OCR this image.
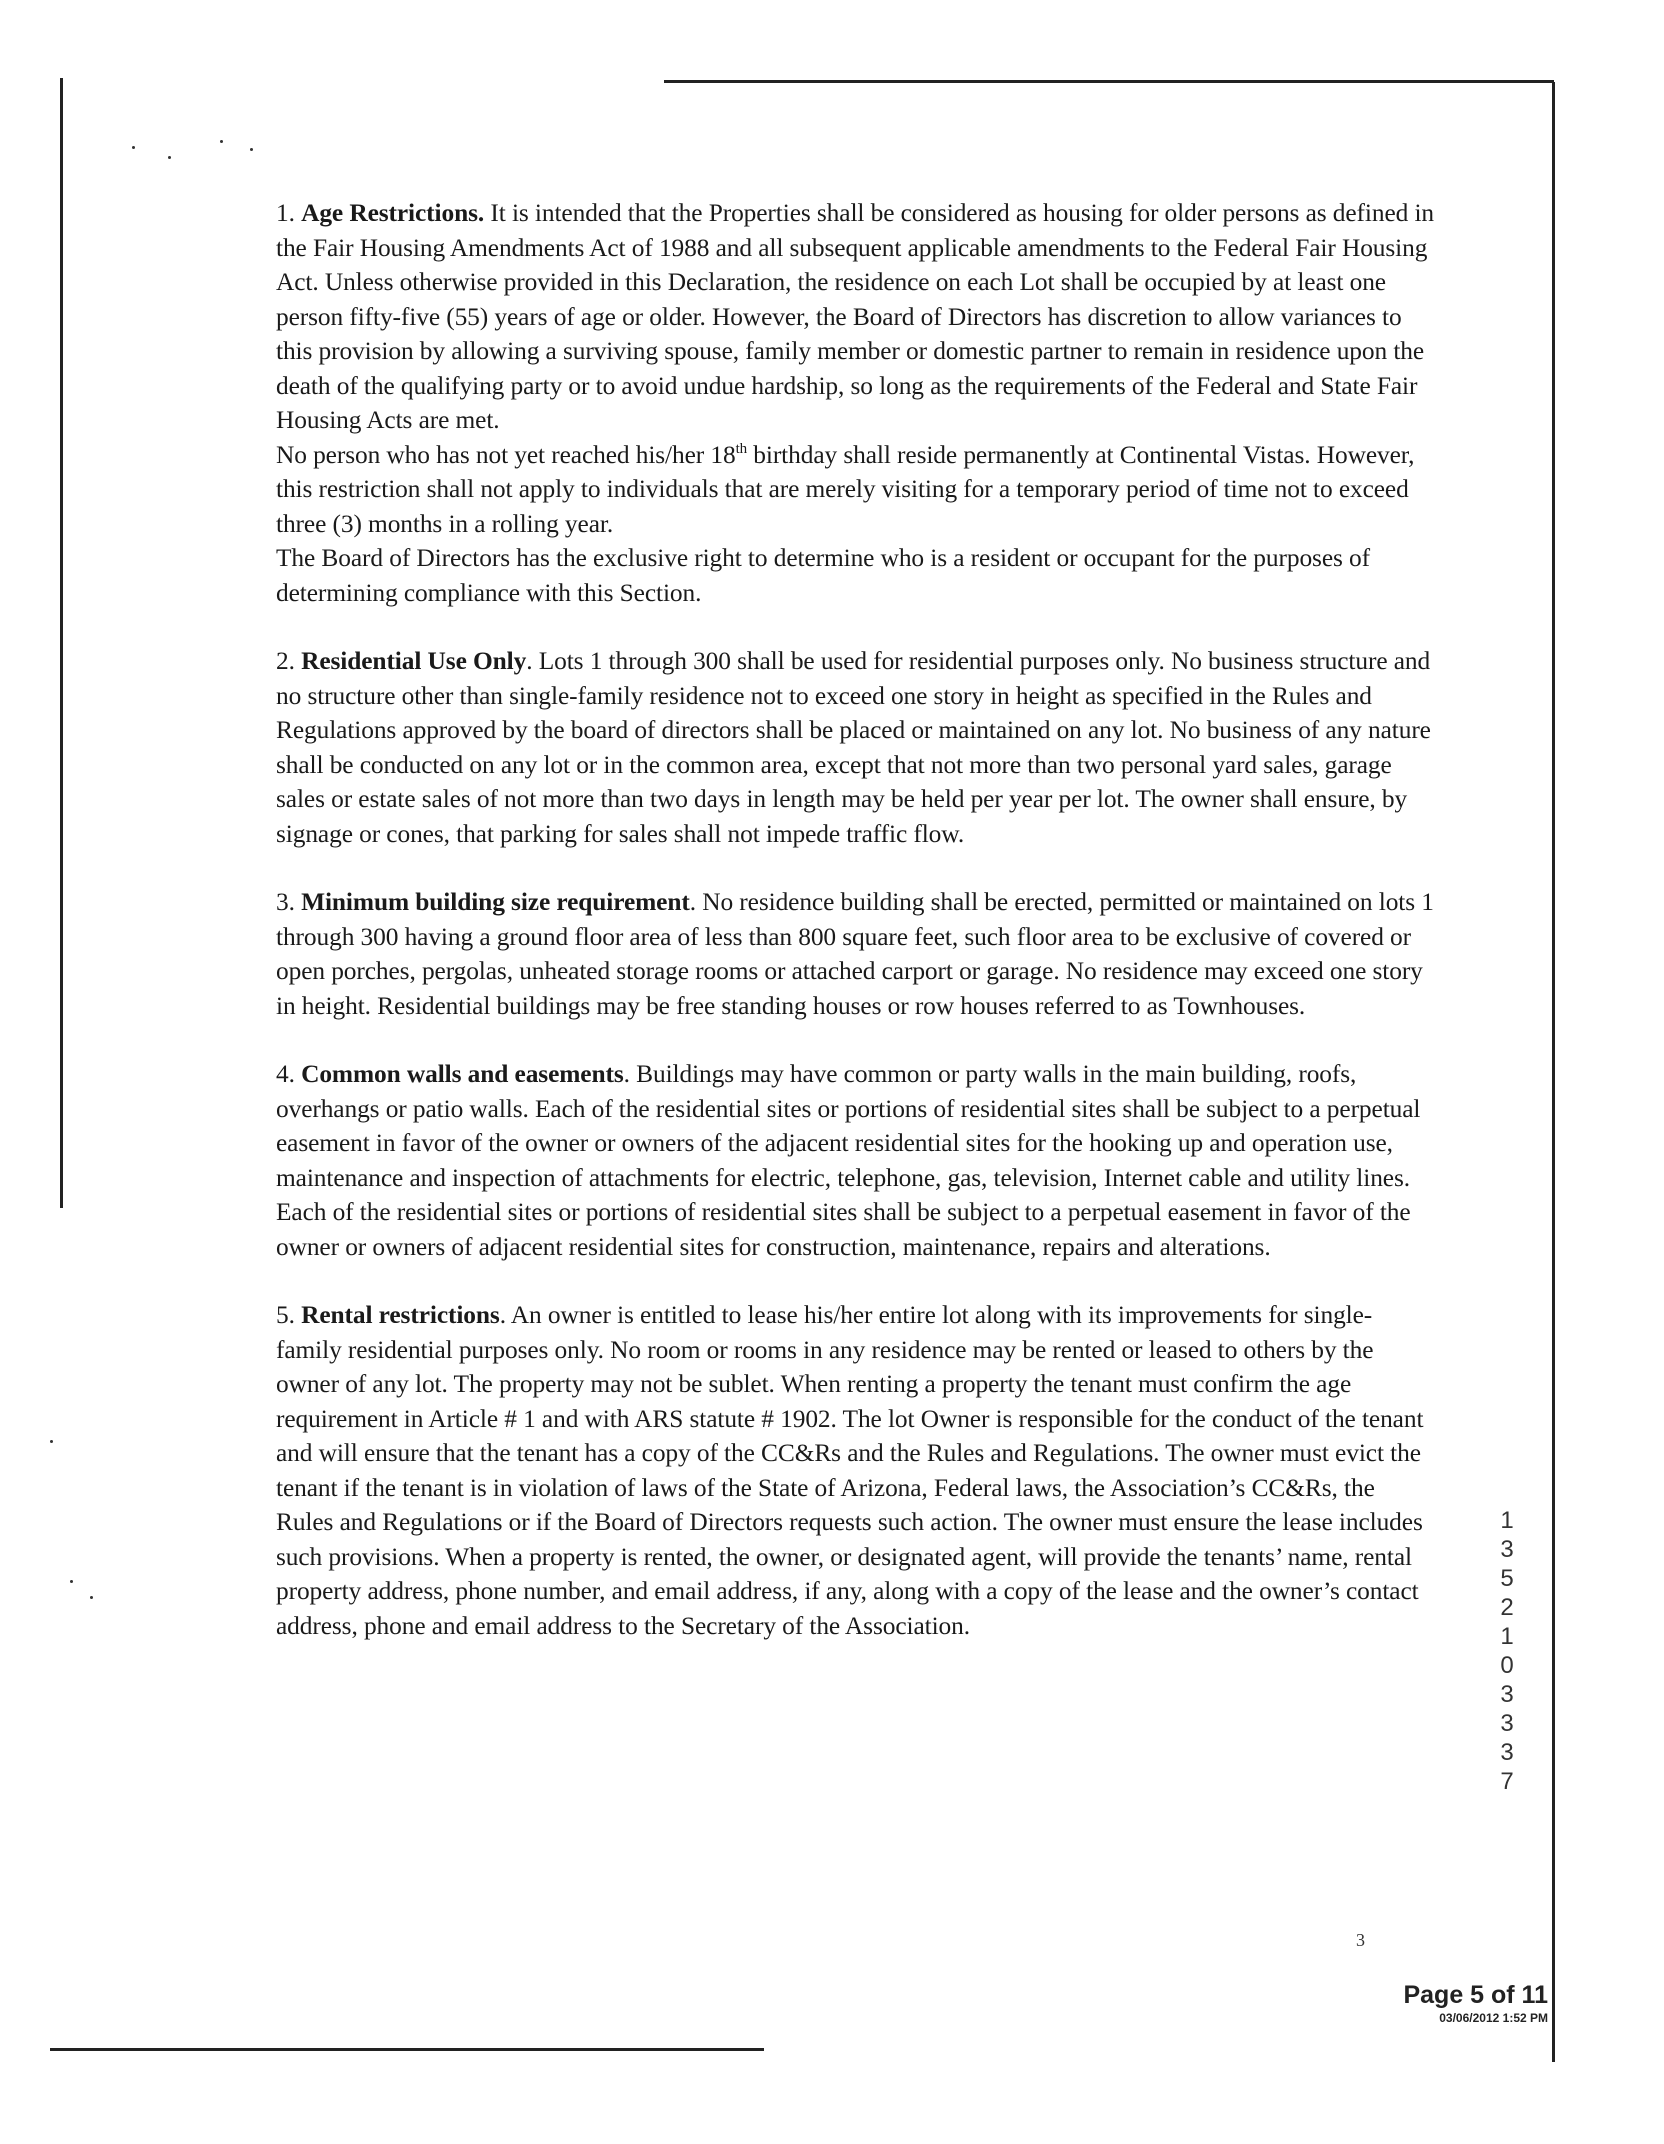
1. Age Restrictions. It is intended that the Properties shall be considered as housing for older persons as defined in the Fair Housing Amendments Act of 1988 and all subsequent applicable amendments to the Federal Fair Housing Act. Unless otherwise provided in this Declaration, the residence on each Lot shall be occupied by at least one person fifty-five (55) years of age or older. However, the Board of Directors has discretion to allow variances to this provision by allowing a surviving spouse, family member or domestic partner to remain in residence upon the death of the qualifying party or to avoid undue hardship, so long as the requirements of the Federal and State Fair Housing Acts are met.

No person who has not yet reached his/her 18th birthday shall reside permanently at Continental Vistas. However, this restriction shall not apply to individuals that are merely visiting for a temporary period of time not to exceed three (3) months in a rolling year.

The Board of Directors has the exclusive right to determine who is a resident or occupant for the purposes of determining compliance with this Section.

2. Residential Use Only. Lots 1 through 300 shall be used for residential purposes only. No business structure and no structure other than single-family residence not to exceed one story in height as specified in the Rules and Regulations approved by the board of directors shall be placed or maintained on any lot. No business of any nature shall be conducted on any lot or in the common area, except that not more than two personal yard sales, garage sales or estate sales of not more than two days in length may be held per year per lot. The owner shall ensure, by signage or cones, that parking for sales shall not impede traffic flow.

3. Minimum building size requirement. No residence building shall be erected, permitted or maintained on lots 1 through 300 having a ground floor area of less than 800 square feet, such floor area to be exclusive of covered or open porches, pergolas, unheated storage rooms or attached carport or garage. No residence may exceed one story in height. Residential buildings may be free standing houses or row houses referred to as Townhouses.

4. Common walls and easements. Buildings may have common or party walls in the main building, roofs, overhangs or patio walls. Each of the residential sites or portions of residential sites shall be subject to a perpetual easement in favor of the owner or owners of the adjacent residential sites for the hooking up and operation use, maintenance and inspection of attachments for electric, telephone, gas, television, Internet cable and utility lines. Each of the residential sites or portions of residential sites shall be subject to a perpetual easement in favor of the owner or owners of adjacent residential sites for construction, maintenance, repairs and alterations.

5. Rental restrictions. An owner is entitled to lease his/her entire lot along with its improvements for single-family residential purposes only. No room or rooms in any residence may be rented or leased to others by the owner of any lot. The property may not be sublet. When renting a property the tenant must confirm the age requirement in Article # 1 and with ARS statute # 1902. The lot Owner is responsible for the conduct of the tenant and will ensure that the tenant has a copy of the CC&Rs and the Rules and Regulations. The owner must evict the tenant if the tenant is in violation of laws of the State of Arizona, Federal laws, the Association’s CC&Rs, the Rules and Regulations or if the Board of Directors requests such action. The owner must ensure the lease includes such provisions. When a property is rented, the owner, or designated agent, will provide the tenants’ name, rental property address, phone number, and email address, if any, along with a copy of the lease and the owner’s contact address, phone and email address to the Secretary of the Association.

13521 03337
3
Page 5 of 11
03/06/2012 1:52 PM
